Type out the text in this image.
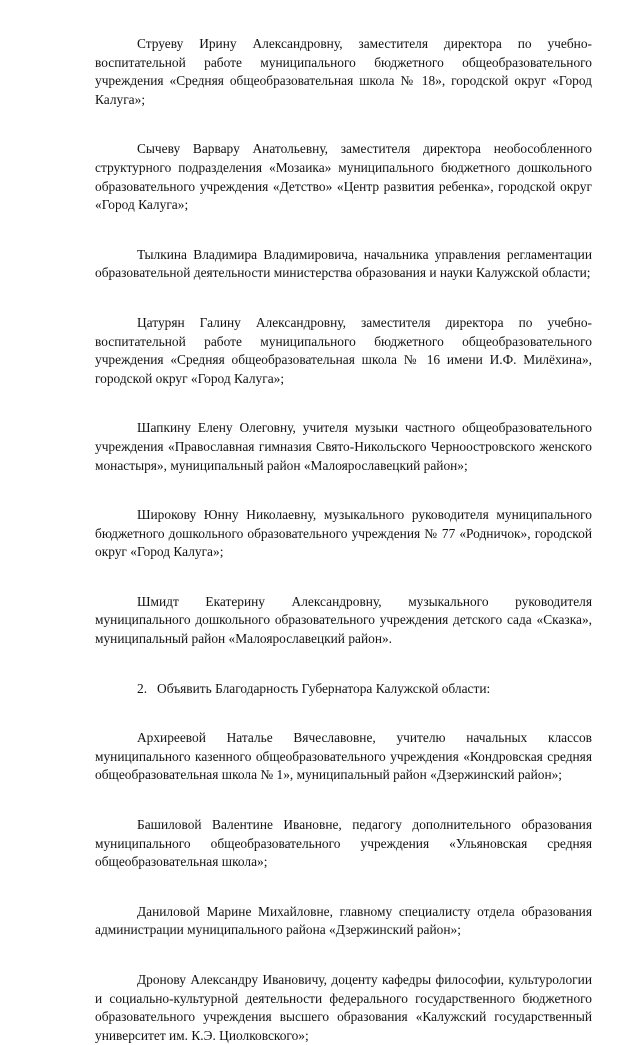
Струеву Ирину Александровну, заместителя директора по учебно-воспитательной работе муниципального бюджетного общеобразовательного учреждения «Средняя общеобразовательная школа № 18», городской округ «Город Калуга»;

Сычеву Варвару Анатольевну, заместителя директора необособленного структурного подразделения «Мозаика» муниципального бюджетного дошкольного образовательного учреждения «Детство» «Центр развития ребенка», городской округ «Город Калуга»;

Тылкина Владимира Владимировича, начальника управления регламентации образовательной деятельности министерства образования и науки Калужской области;

Цатурян Галину Александровну, заместителя директора по учебно-воспитательной работе муниципального бюджетного общеобразовательного учреждения «Средняя общеобразовательная школа № 16 имени И.Ф. Милёхина», городской округ «Город Калуга»;

Шапкину Елену Олеговну, учителя музыки частного общеобразовательного учреждения «Православная гимназия Свято-Никольского Черноостровского женского монастыря», муниципальный район «Малоярославецкий район»;

Широкову Юнну Николаевну, музыкального руководителя муниципального бюджетного дошкольного образовательного учреждения № 77 «Родничок», городской округ «Город Калуга»;

Шмидт Екатерину Александровну, музыкального руководителя муниципального дошкольного образовательного учреждения детского сада «Сказка», муниципальный район «Малоярославецкий район».

2. Объявить Благодарность Губернатора Калужской области:

Архиреевой Наталье Вячеславовне, учителю начальных классов муниципального казенного общеобразовательного учреждения «Кондровская средняя общеобразовательная школа № 1», муниципальный район «Дзержинский район»;

Башиловой Валентине Ивановне, педагогу дополнительного образования муниципального общеобразовательного учреждения «Ульяновская средняя общеобразовательная школа»;

Даниловой Марине Михайловне, главному специалисту отдела образования администрации муниципального района «Дзержинский район»;

Дронову Александру Ивановичу, доценту кафедры философии, культурологии и социально-культурной деятельности федерального государственного бюджетного образовательного учреждения высшего образования «Калужский государственный университет им. К.Э. Циолковского»;
